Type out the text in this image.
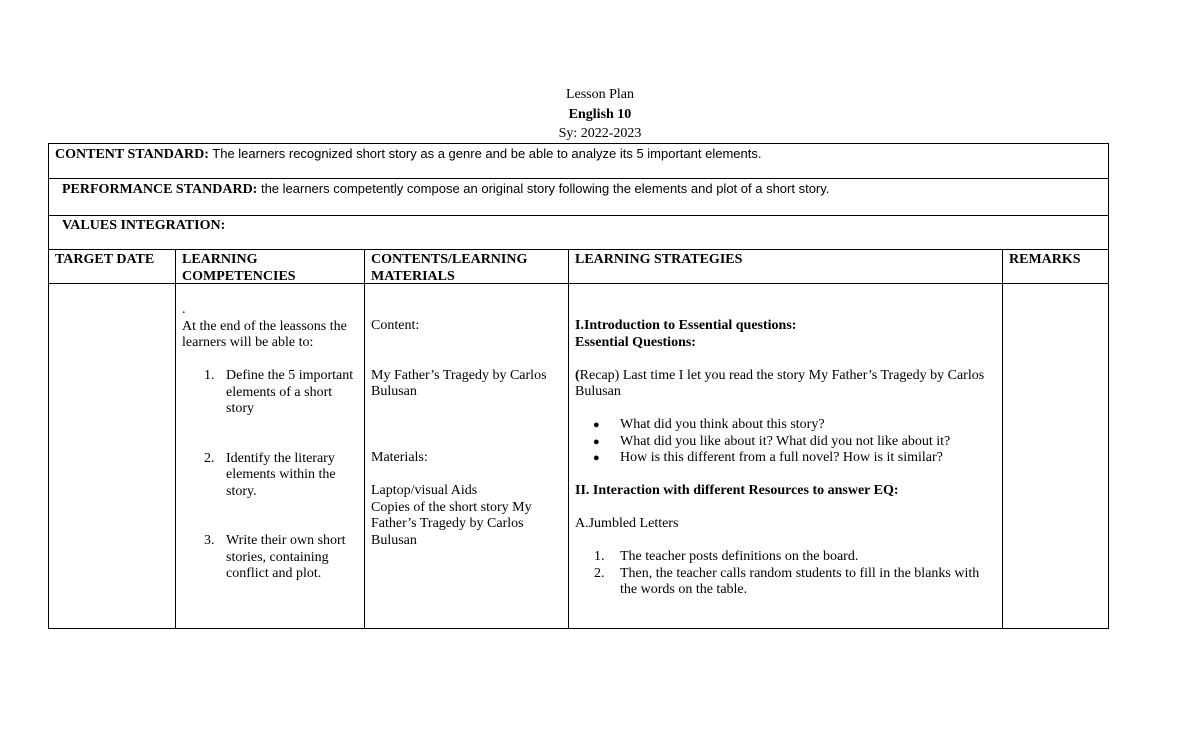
Lesson Plan
English 10
Sy: 2022-2023
CONTENT STANDARD: The learners recognized short story as a genre and be able to analyze its 5 important elements.
PERFORMANCE STANDARD: the learners competently compose an original story following the elements and plot of a short story.
VALUES INTEGRATION:
TARGET DATE LEARNING
COMPETENCIES
CONTENTS/LEARNING
MATERIALS
LEARNING STRATEGIES	REMARKS
.
At the end of the leassons the
learners will be able to:
1. Define the 5 important
elements of a short
story
2. Identify the literary
elements within the
story.
3. Write their own short
stories, containing
conflict and plot.
Content:
My Father’s Tragedy by Carlos
Bulusan
Materials:
Laptop/visual Aids
Copies of the short story My
Father’s Tragedy by Carlos
Bulusan
I.Introduction to Essential questions:
Essential Questions:
(Recap) Last time I let you read the story My Father’s Tragedy by Carlos
Bulusan
● What did you think about this story?
● What did you like about it? What did you not like about it?
● How is this different from a full novel? How is it similar?
II. Interaction with different Resources to answer EQ:
A.Jumbled Letters
1. The teacher posts definitions on the board.
2. Then, the teacher calls random students to fill in the blanks with
the words on the table.
